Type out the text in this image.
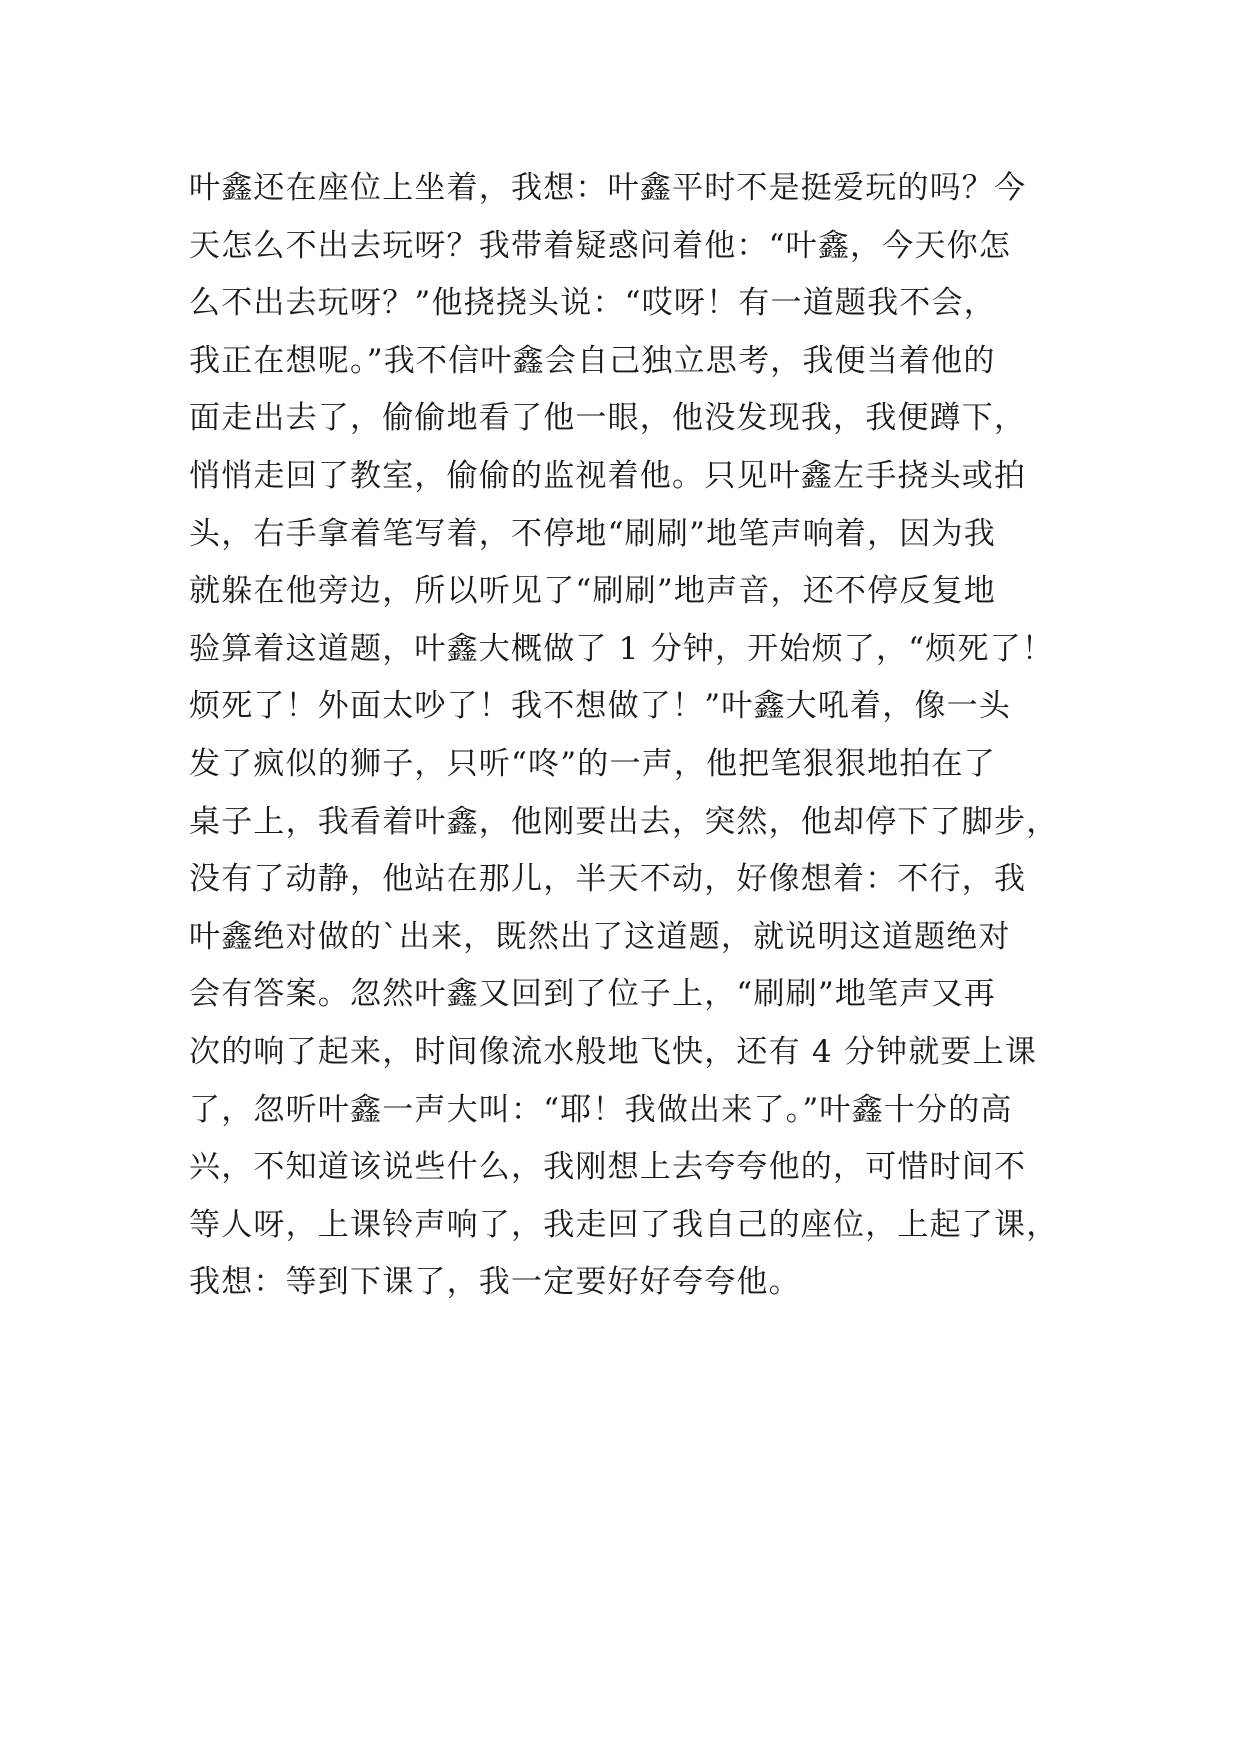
叶鑫还在座位上坐着，我想：叶鑫平时不是挺爱玩的吗？今
天怎么不出去玩呀？我带着疑惑问着他：“叶鑫，今天你怎
么不出去玩呀？”他挠挠头说：“哎呀！有一道题我不会，
我正在想呢。”我不信叶鑫会自己独立思考，我便当着他的
面走出去了，偷偷地看了他一眼，他没发现我，我便蹲下，
悄悄走回了教室，偷偷的监视着他。只见叶鑫左手挠头或拍
头，右手拿着笔写着，不停地“刷刷”地笔声响着，因为我
就躲在他旁边，所以听见了“刷刷”地声音，还不停反复地
验算着这道题，叶鑫大概做了 1 分钟，开始烦了，“烦死了！
烦死了！外面太吵了！我不想做了！”叶鑫大吼着，像一头
发了疯似的狮子，只听“咚”的一声，他把笔狠狠地拍在了
桌子上，我看着叶鑫，他刚要出去，突然，他却停下了脚步，
没有了动静，他站在那儿，半天不动，好像想着：不行，我
叶鑫绝对做的`出来，既然出了这道题，就说明这道题绝对
会有答案。忽然叶鑫又回到了位子上，“刷刷”地笔声又再
次的响了起来，时间像流水般地飞快，还有 4 分钟就要上课
了，忽听叶鑫一声大叫：“耶！我做出来了。”叶鑫十分的高
兴，不知道该说些什么，我刚想上去夸夸他的，可惜时间不
等人呀，上课铃声响了，我走回了我自己的座位，上起了课，
我想：等到下课了，我一定要好好夸夸他。
